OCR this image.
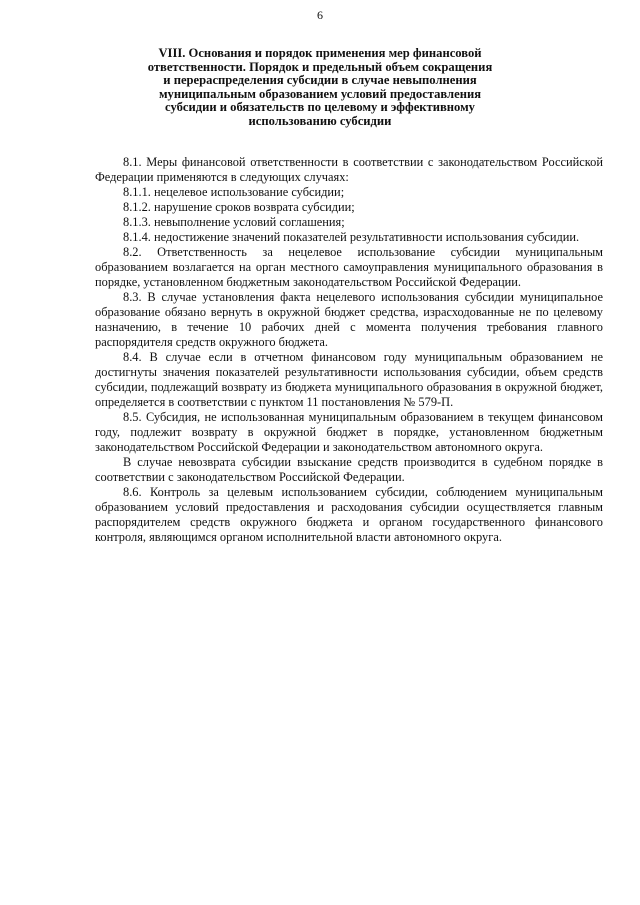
6
VIII. Основания и порядок применения мер финансовой
ответственности. Порядок и предельный объем сокращения
и перераспределения субсидии в случае невыполнения
муниципальным образованием условий предоставления
субсидии и обязательств по целевому и эффективному
использованию субсидии

8.1. Меры финансовой ответственности в соответствии с законодательством Российской Федерации применяются в следующих случаях:

8.1.1. нецелевое использование субсидии;

8.1.2. нарушение сроков возврата субсидии;

8.1.3. невыполнение условий соглашения;

8.1.4. недостижение значений показателей результативности использования субсидии.

8.2. Ответственность за нецелевое использование субсидии муниципальным образованием возлагается на орган местного самоуправления муниципального образования в порядке, установленном бюджетным законодательством Российской Федерации.

8.3. В случае установления факта нецелевого использования субсидии муниципальное образование обязано вернуть в окружной бюджет средства, израсходованные не по целевому назначению, в течение 10 рабочих дней с момента получения требования главного распорядителя средств окружного бюджета.

8.4. В случае если в отчетном финансовом году муниципальным образованием не достигнуты значения показателей результативности использования субсидии, объем средств субсидии, подлежащий возврату из бюджета муниципального образования в окружной бюджет, определяется в соответствии с пунктом 11 постановления № 579-П.

8.5. Субсидия, не использованная муниципальным образованием в текущем финансовом году, подлежит возврату в окружной бюджет в порядке, установленном бюджетным законодательством Российской Федерации и законодательством автономного округа.

В случае невозврата субсидии взыскание средств производится в судебном порядке в соответствии с законодательством Российской Федерации.

8.6. Контроль за целевым использованием субсидии, соблюдением муниципальным образованием условий предоставления и расходования субсидии осуществляется главным распорядителем средств окружного бюджета и органом государственного финансового контроля, являющимся органом исполнительной власти автономного округа.
